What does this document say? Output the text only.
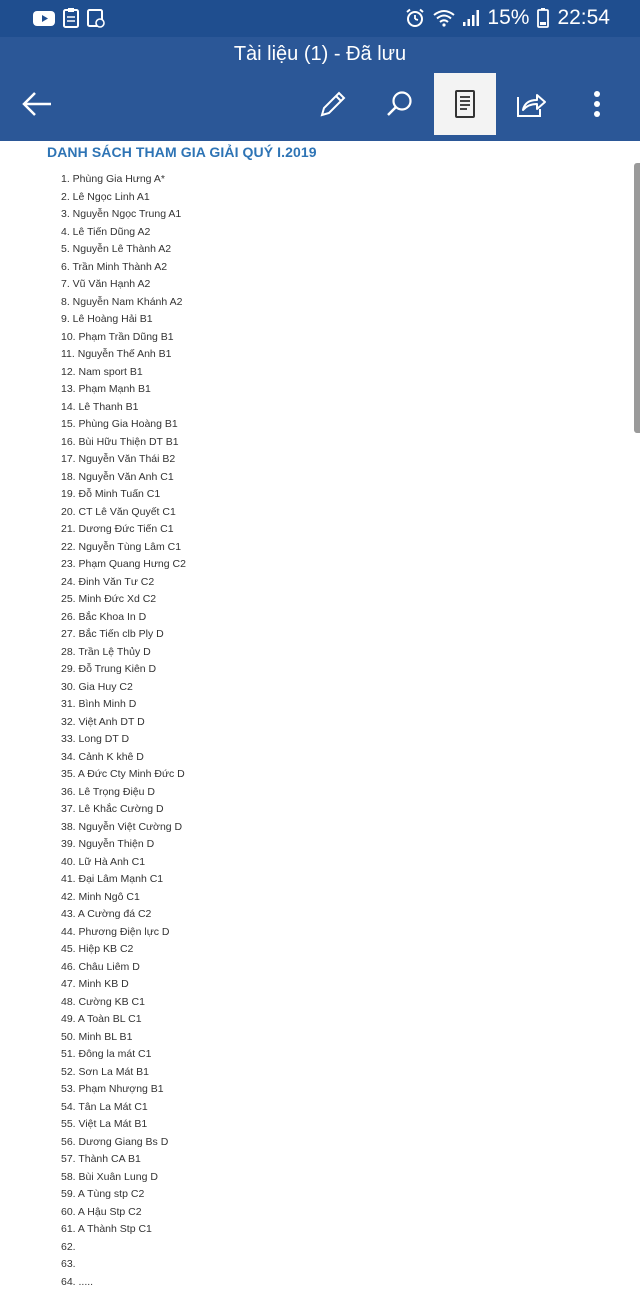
15% 22:54
Tài liệu (1) - Đã lưu
DANH SÁCH THAM GIA GIẢI QUÝ I.2019
1. Phùng Gia Hưng A*
2. Lê Ngọc Linh A1
3. Nguyễn Ngọc Trung A1
4. Lê Tiến Dũng A2
5. Nguyễn Lê Thành A2
6. Trần Minh Thành A2
7. Vũ Văn Hạnh A2
8. Nguyễn Nam Khánh A2
9. Lê Hoàng Hải B1
10. Phạm Trần Dũng B1
11. Nguyễn Thế Anh B1
12. Nam sport B1
13. Phạm Mạnh B1
14. Lê Thanh B1
15. Phùng Gia Hoàng B1
16. Bùi Hữu Thiện DT B1
17. Nguyễn Văn Thái B2
18. Nguyễn Văn Anh C1
19. Đỗ Minh Tuấn C1
20. CT Lê Văn Quyết C1
21. Dương Đức Tiến C1
22. Nguyễn Tùng Lâm C1
23. Phạm Quang Hưng C2
24. Đinh Văn Tư C2
25. Minh Đức Xd C2
26. Bắc Khoa In D
27. Bắc Tiến clb Ply D
28. Trần Lệ Thủy D
29. Đỗ Trung Kiên D
30. Gia Huy C2
31. Bình Minh D
32. Việt Anh DT D
33. Long DT D
34. Cảnh K khê D
35. A Đức Cty Minh Đức D
36. Lê Trọng Điệu D
37. Lê Khắc Cường D
38. Nguyễn Việt Cường D
39. Nguyễn Thiện D
40. Lữ Hà Anh C1
41. Đại Lâm Mạnh C1
42. Minh Ngô C1
43. A Cường đá C2
44. Phương Điện lực D
45. Hiệp KB C2
46. Châu Liêm D
47. Minh KB D
48. Cường KB C1
49. A Toàn BL C1
50. Minh BL B1
51. Đông la mát C1
52. Sơn La Mát B1
53. Phạm Nhượng B1
54. Tân La Mát C1
55. Việt La Mát B1
56. Dương Giang Bs D
57. Thành CA B1
58. Bùi Xuân Lung D
59. A Tùng stp C2
60. A Hậu Stp C2
61. A Thành Stp C1
62.
63.
64. .....
